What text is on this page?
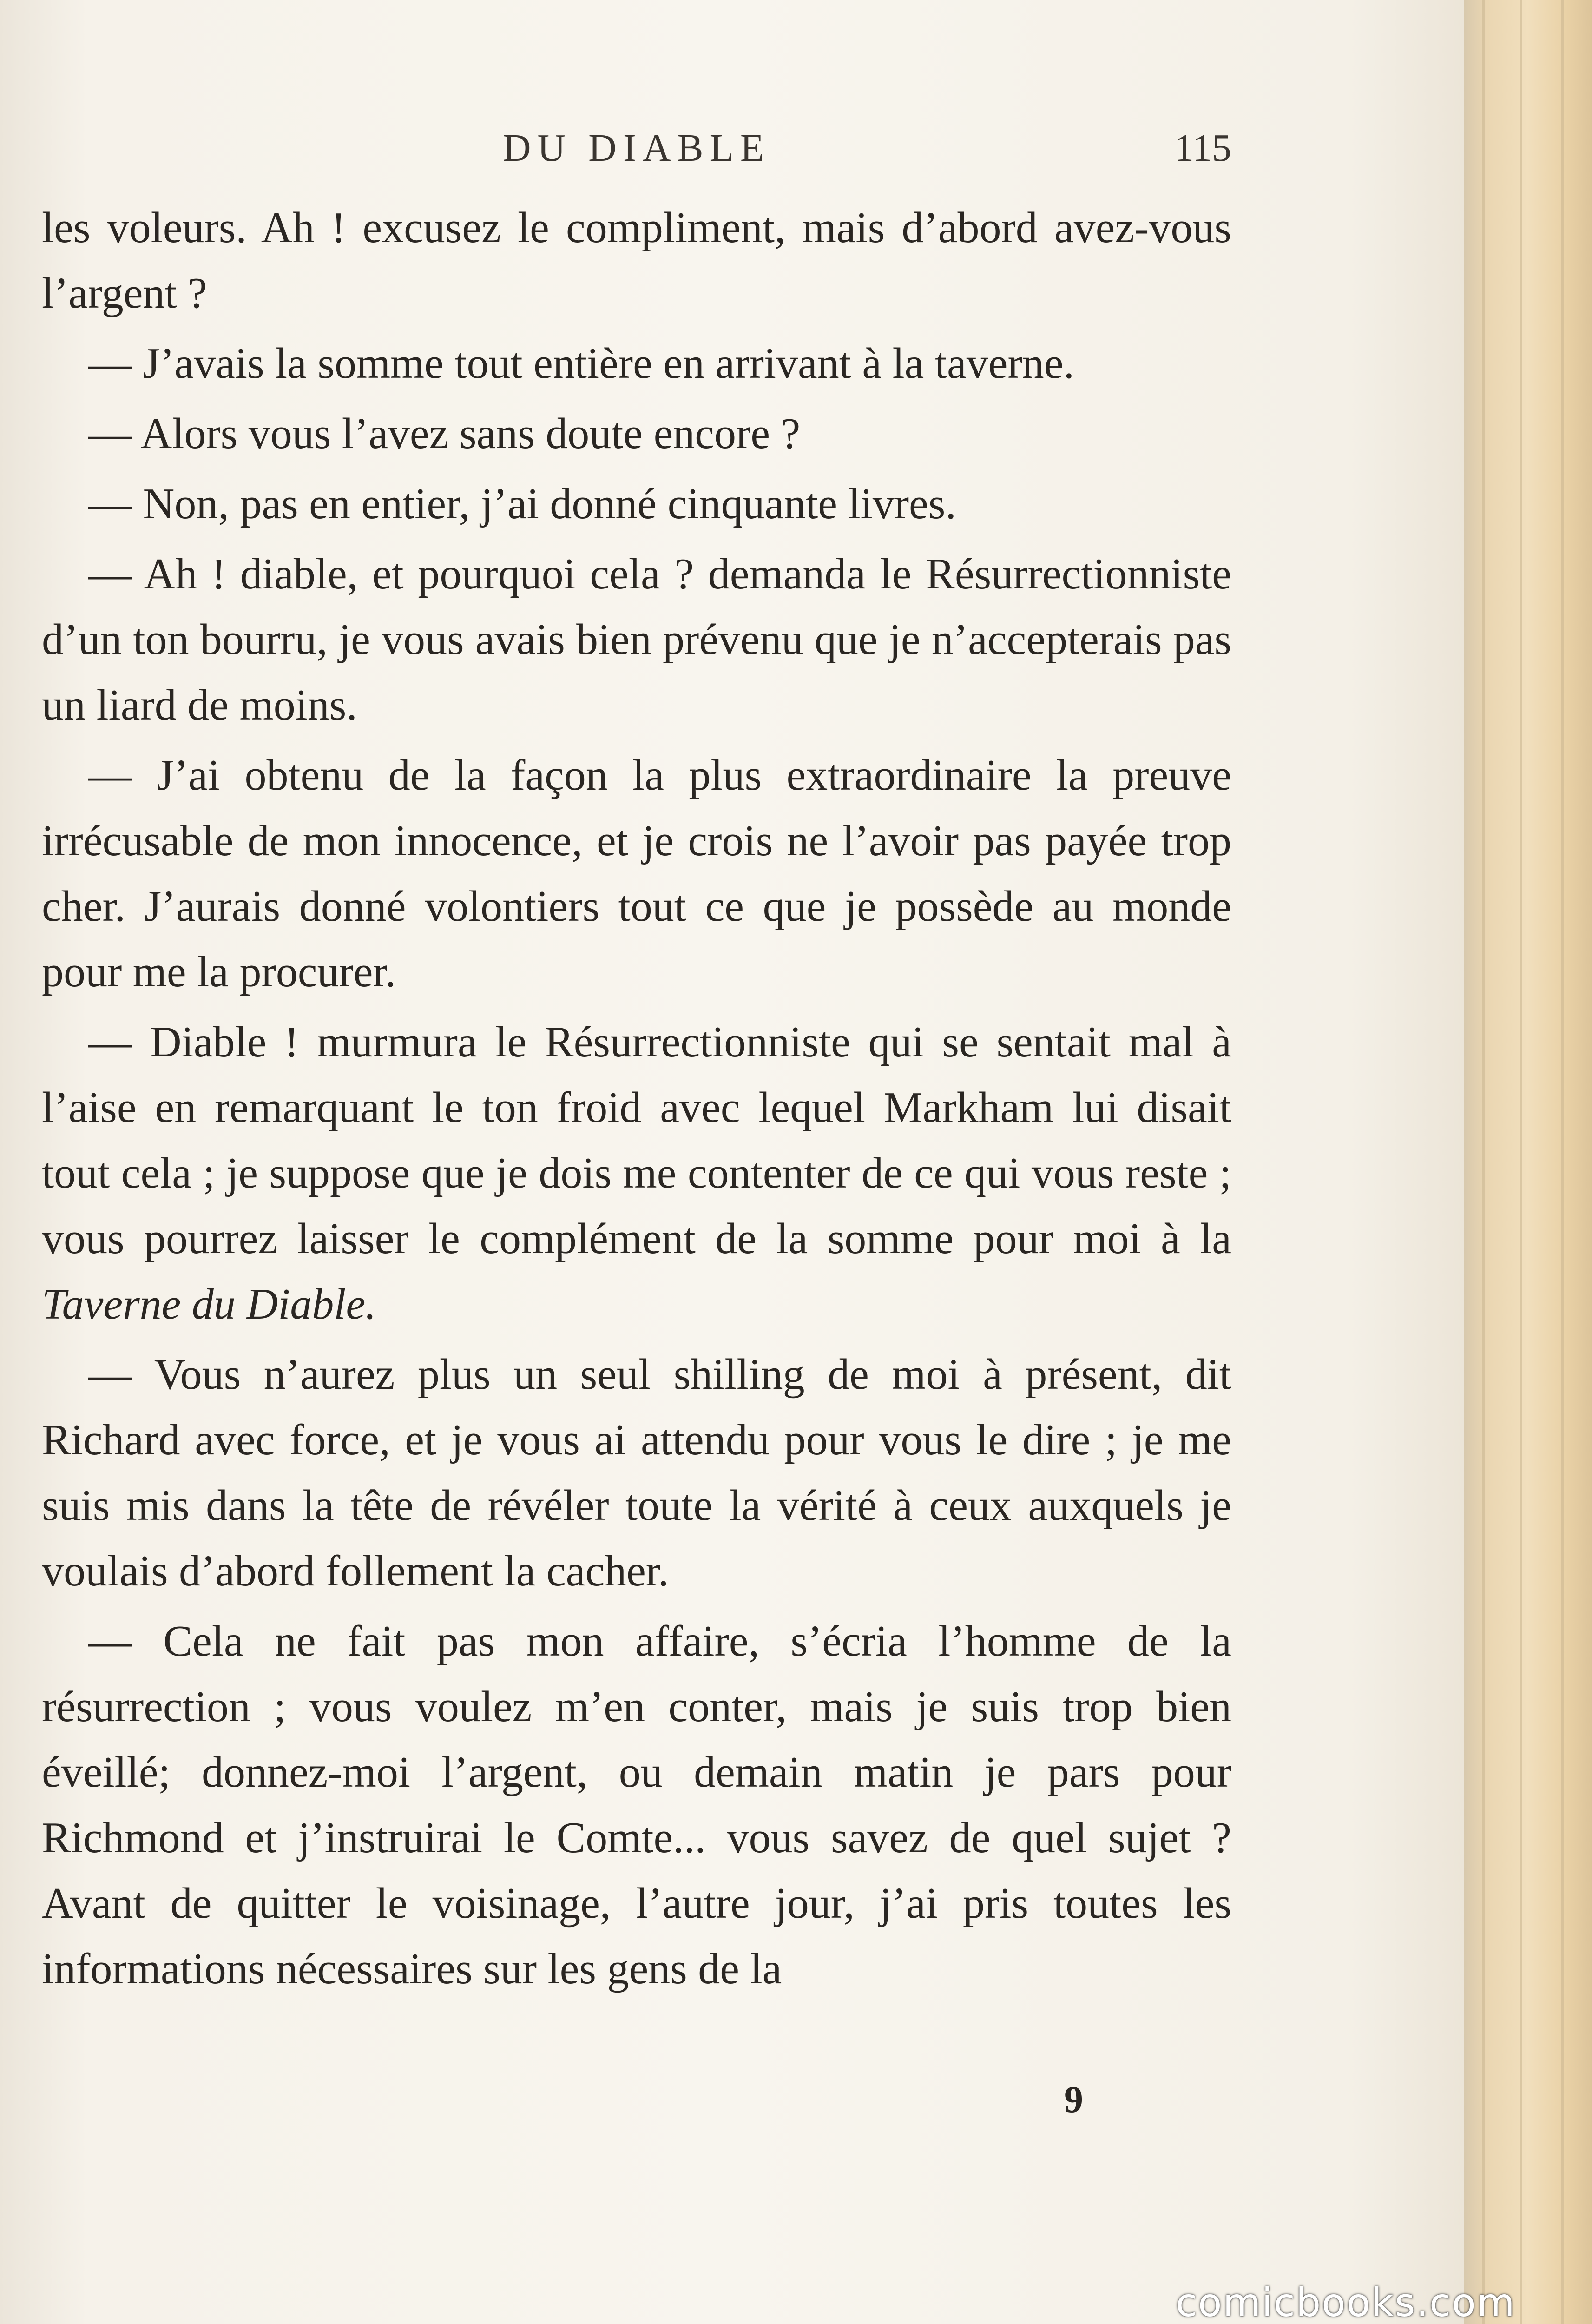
DU DIABLE	115

les voleurs. Ah ! excusez le compliment, mais d’abord avez-vous l’argent ?

— J’avais la somme tout entière en arrivant à la taverne.

— Alors vous l’avez sans doute encore ?

— Non, pas en entier, j’ai donné cinquante livres.

— Ah ! diable, et pourquoi cela ? demanda le Résurrectionniste d’un ton bourru, je vous avais bien prévenu que je n’accepterais pas un liard de moins.

— J’ai obtenu de la façon la plus extraordinaire la preuve irrécusable de mon innocence, et je crois ne l’avoir pas payée trop cher. J’aurais donné volontiers tout ce que je possède au monde pour me la procurer.

— Diable ! murmura le Résurrectionniste qui se sentait mal à l’aise en remarquant le ton froid avec lequel Markham lui disait tout cela ; je suppose que je dois me contenter de ce qui vous reste ; vous pourrez laisser le complément de la somme pour moi à la Taverne du Diable.

— Vous n’aurez plus un seul shilling de moi à présent, dit Richard avec force, et je vous ai attendu pour vous le dire ; je me suis mis dans la tête de révéler toute la vérité à ceux auxquels je voulais d’abord follement la cacher.

— Cela ne fait pas mon affaire, s’écria l’homme de la résurrection ; vous voulez m’en conter, mais je suis trop bien éveillé; donnez-moi l’argent, ou demain matin je pars pour Richmond et j’instruirai le Comte... vous savez de quel sujet ? Avant de quitter le voisinage, l’autre jour, j’ai pris toutes les informations nécessaires sur les gens de la

9
comicbooks.com
